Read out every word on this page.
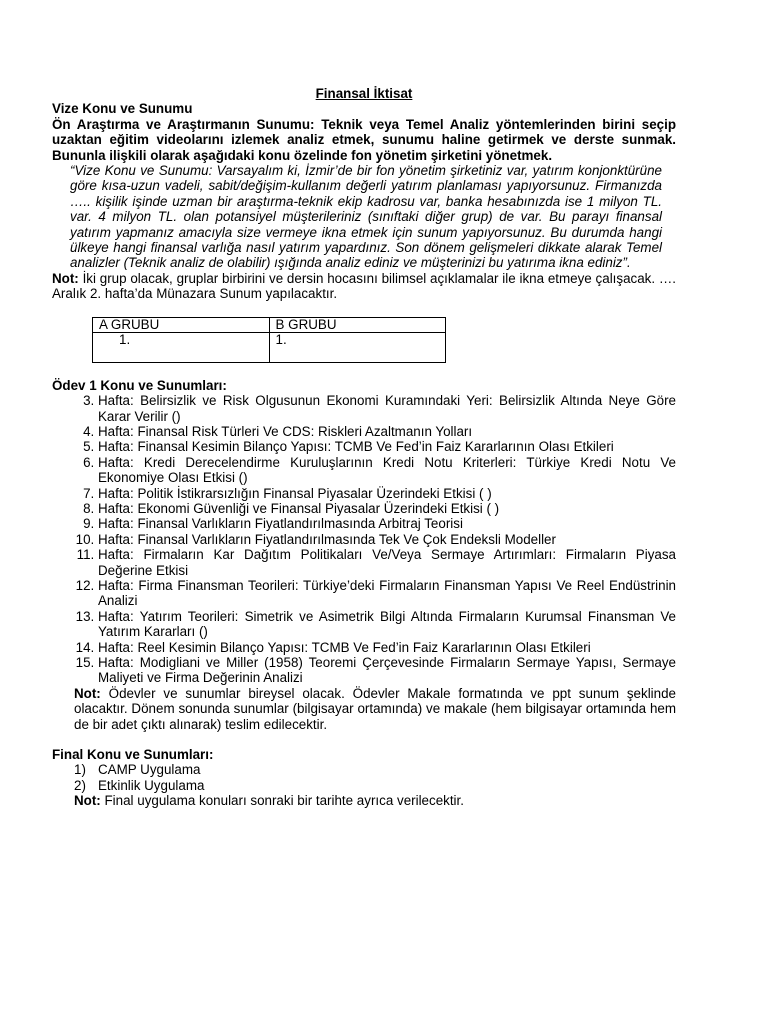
Finansal İktisat
Vize Konu ve Sunumu
Ön Araştırma ve Araştırmanın Sunumu: Teknik veya Temel Analiz yöntemlerinden birini seçip uzaktan eğitim videolarını izlemek analiz etmek, sunumu haline getirmek ve derste sunmak. Bununla ilişkili olarak aşağıdaki konu özelinde fon yönetim şirketini yönetmek.
“Vize Konu ve Sunumu: Varsayalım ki, İzmir’de bir fon yönetim şirketiniz var, yatırım konjonktürüne göre kısa-uzun vadeli, sabit/değişim-kullanım değerli yatırım planlaması yapıyorsunuz. Firmanızda ….. kişilik işinde uzman bir araştırma-teknik ekip kadrosu var, banka hesabınızda ise 1 milyon TL. var. 4 milyon TL. olan potansiyel müşterileriniz (sınıftaki diğer grup) de var. Bu parayı finansal yatırım yapmanız amacıyla size vermeye ikna etmek için sunum yapıyorsunuz. Bu durumda hangi ülkeye hangi finansal varlığa nasıl yatırım yapardınız. Son dönem gelişmeleri dikkate alarak Temel analizler (Teknik analiz de olabilir) ışığında analiz ediniz ve müşterinizi bu yatırıma ikna ediniz”.
Not: İki grup olacak, gruplar birbirini ve dersin hocasını bilimsel açıklamalar ile ikna etmeye çalışacak. …. Aralık 2. hafta’da Münazara Sunum yapılacaktır.
A GRUBU	B GRUBU
1.	1.
Ödev 1 Konu ve Sunumları:
3. Hafta: Belirsizlik ve Risk Olgusunun Ekonomi Kuramındaki Yeri: Belirsizlik Altında Neye Göre Karar Verilir ()
4. Hafta: Finansal Risk Türleri Ve CDS: Riskleri Azaltmanın Yolları
5. Hafta: Finansal Kesimin Bilanço Yapısı: TCMB Ve Fed’in Faiz Kararlarının Olası Etkileri
6. Hafta: Kredi Derecelendirme Kuruluşlarının Kredi Notu Kriterleri: Türkiye Kredi Notu Ve Ekonomiye Olası Etkisi ()
7. Hafta: Politik İstikrarsızlığın Finansal Piyasalar Üzerindeki Etkisi ( )
8. Hafta: Ekonomi Güvenliği ve Finansal Piyasalar Üzerindeki Etkisi ( )
9. Hafta: Finansal Varlıkların Fiyatlandırılmasında Arbitraj Teorisi
10. Hafta: Finansal Varlıkların Fiyatlandırılmasında Tek Ve Çok Endeksli Modeller
11. Hafta: Firmaların Kar Dağıtım Politikaları Ve/Veya Sermaye Artırımları: Firmaların Piyasa Değerine Etkisi
12. Hafta: Firma Finansman Teorileri: Türkiye’deki Firmaların Finansman Yapısı Ve Reel Endüstrinin Analizi
13. Hafta: Yatırım Teorileri: Simetrik ve Asimetrik Bilgi Altında Firmaların Kurumsal Finansman Ve Yatırım Kararları ()
14. Hafta: Reel Kesimin Bilanço Yapısı: TCMB Ve Fed’in Faiz Kararlarının Olası Etkileri
15. Hafta: Modigliani ve Miller (1958) Teoremi Çerçevesinde Firmaların Sermaye Yapısı, Sermaye Maliyeti ve Firma Değerinin Analizi
Not: Ödevler ve sunumlar bireysel olacak. Ödevler Makale formatında ve ppt sunum şeklinde olacaktır. Dönem sonunda sunumlar (bilgisayar ortamında) ve makale (hem bilgisayar ortamında hem de bir adet çıktı alınarak) teslim edilecektir.
Final Konu ve Sunumları:
1) CAMP Uygulama
2) Etkinlik Uygulama
Not: Final uygulama konuları sonraki bir tarihte ayrıca verilecektir.
